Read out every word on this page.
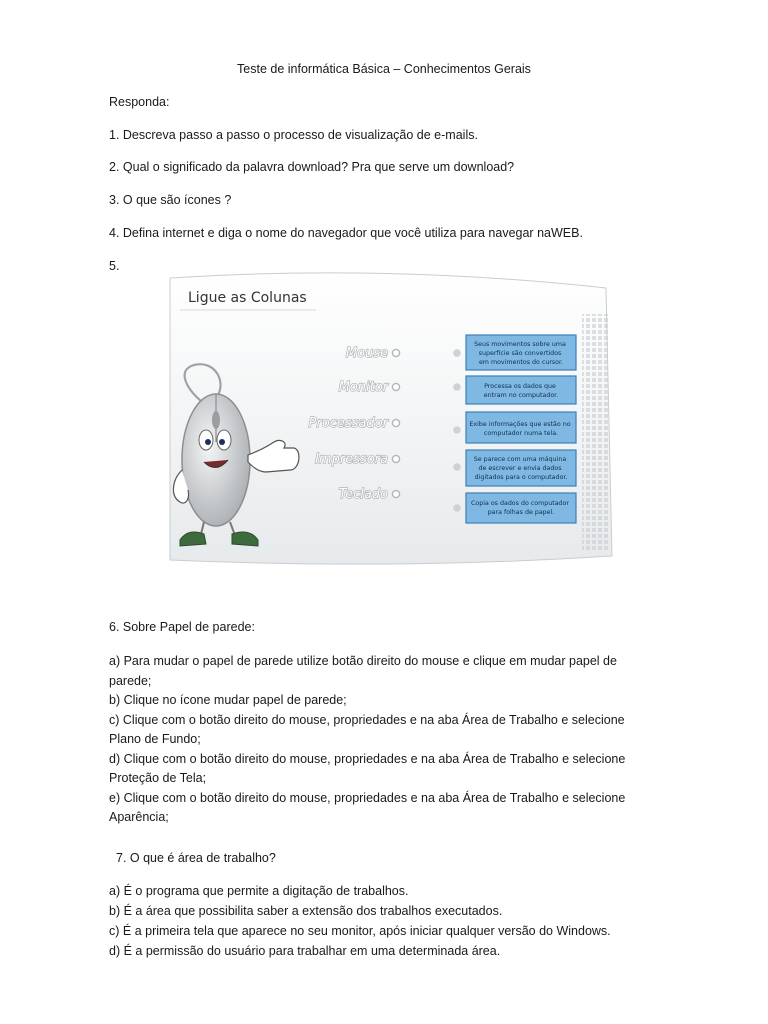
Teste de informática Básica – Conhecimentos Gerais
Responda:
1. Descreva passo a passo o processo de visualização de e-mails.
2. Qual o significado da palavra download? Pra que serve um download?
3. O que são ícones ?
4. Defina internet e diga o nome do navegador que você utiliza para navegar naWEB.
5.
Ligue as Colunas
Mouse
Monitor
Processador
Impressora
Teclado
Seus movimentos sobre uma superfície são convertidos em movimentos do cursor.
Processa os dados que entram no computador.
Exibe informações que estão no computador numa tela.
Se parece com uma máquina de escrever e envia dados digitados para o computador.
Copia os dados do computador para folhas de papel.
6. Sobre Papel de parede:
a) Para mudar o papel de parede utilize botão direito do mouse e clique em mudar papel de
parede;
b) Clique no ícone mudar papel de parede;
c) Clique com o botão direito do mouse, propriedades e na aba Área de Trabalho e selecione
Plano de Fundo;
d) Clique com o botão direito do mouse, propriedades e na aba Área de Trabalho e selecione
Proteção de Tela;
e) Clique com o botão direito do mouse, propriedades e na aba Área de Trabalho e selecione
Aparência;
7. O que é área de trabalho?
a) É o programa que permite a digitação de trabalhos.
b) É a área que possibilita saber a extensão dos trabalhos executados.
c) É a primeira tela que aparece no seu monitor, após iniciar qualquer versão do Windows.
d) É a permissão do usuário para trabalhar em uma determinada área.
